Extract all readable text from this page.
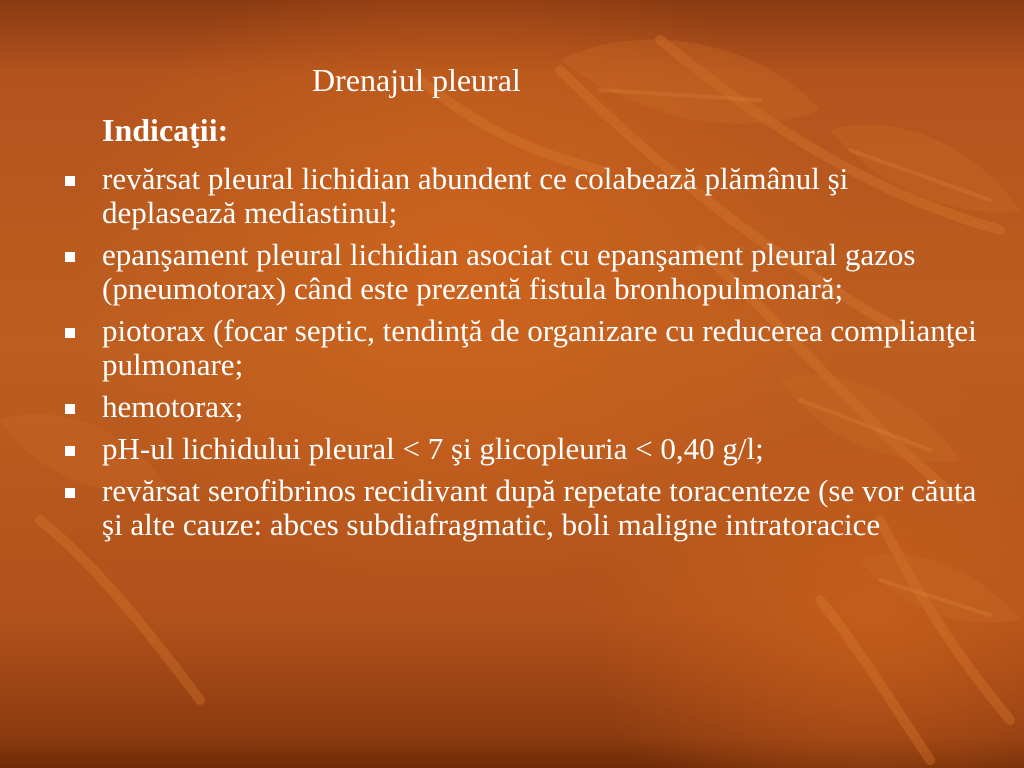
Drenajul pleural
Indicaţii:
revărsat pleural lichidian abundent ce colabează plămânul şi deplasează mediastinul;
epanşament pleural lichidian asociat cu epanşament pleural gazos (pneumotorax) când este prezentă fistula bronhopulmonară;
piotorax (focar septic, tendinţă de organizare cu reducerea complianţei pulmonare;
hemotorax;
pH-ul lichidului pleural < 7 şi glicopleuria < 0,40 g/l;
revărsat serofibrinos recidivant după repetate toracenteze (se vor căuta şi alte cauze: abces subdiafragmatic, boli maligne intratoracice
